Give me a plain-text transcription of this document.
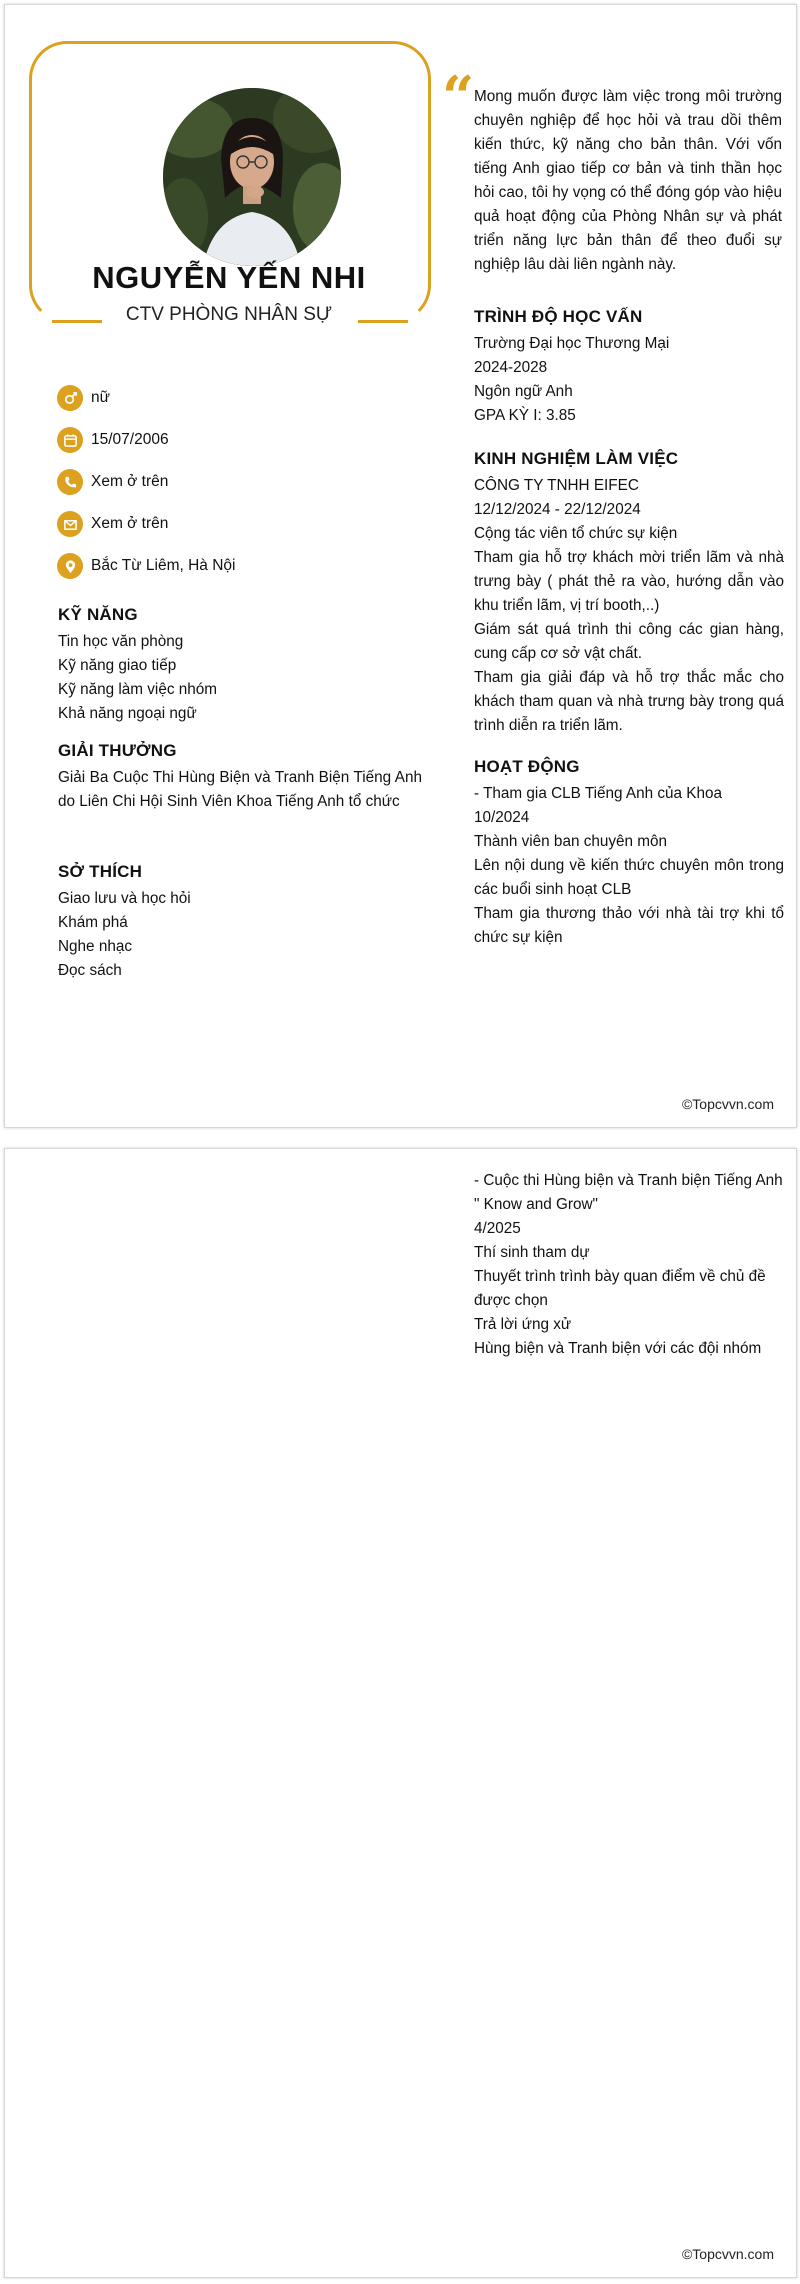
NGUYỄN YẾN NHI
CTV PHÒNG NHÂN SỰ
nữ
15/07/2006
Xem ở trên
Xem ở trên
Bắc Từ Liêm, Hà Nội
KỸ NĂNG
Tin học văn phòng
Kỹ năng giao tiếp
Kỹ năng làm việc nhóm
Khả năng ngoại ngữ
GIẢI THƯỞNG
Giải Ba Cuộc Thi Hùng Biện và Tranh Biện Tiếng Anh do Liên Chi Hội Sinh Viên Khoa Tiếng Anh tổ chức
SỞ THÍCH
Giao lưu và học hỏi
Khám phá
Nghe nhạc
Đọc sách
“ Mong muốn được làm việc trong môi trường chuyên nghiệp để học hỏi và trau dồi thêm kiến thức, kỹ năng cho bản thân. Với vốn tiếng Anh giao tiếp cơ bản và tinh thần học hỏi cao, tôi hy vọng có thể đóng góp vào hiệu quả hoạt động của Phòng Nhân sự và phát triển năng lực bản thân để theo đuổi sự nghiệp lâu dài liên ngành này.
TRÌNH ĐỘ HỌC VẤN
Trường Đại học Thương Mại
2024-2028
Ngôn ngữ Anh
GPA KỲ I: 3.85
KINH NGHIỆM LÀM VIỆC
CÔNG TY TNHH EIFEC
12/12/2024 - 22/12/2024
Cộng tác viên tổ chức sự kiện
Tham gia hỗ trợ khách mời triển lãm và nhà trưng bày ( phát thẻ ra vào, hướng dẫn vào khu triển lãm, vị trí booth,..)
Giám sát quá trình thi công các gian hàng, cung cấp cơ sở vật chất.
Tham gia giải đáp và hỗ trợ thắc mắc cho khách tham quan và nhà trưng bày trong quá trình diễn ra triển lãm.
HOẠT ĐỘNG
- Tham gia CLB Tiếng Anh của Khoa
10/2024
Thành viên ban chuyên môn
Lên nội dung về kiến thức chuyên môn trong các buổi sinh hoạt CLB
Tham gia thương thảo với nhà tài trợ khi tổ chức sự kiện
©Topcvvn.com
- Cuộc thi Hùng biện và Tranh biện Tiếng Anh " Know and Grow"
4/2025
Thí sinh tham dự
Thuyết trình trình bày quan điểm về chủ đề được chọn
Trả lời ứng xử
Hùng biện và Tranh biện với các đội nhóm
©Topcvvn.com
